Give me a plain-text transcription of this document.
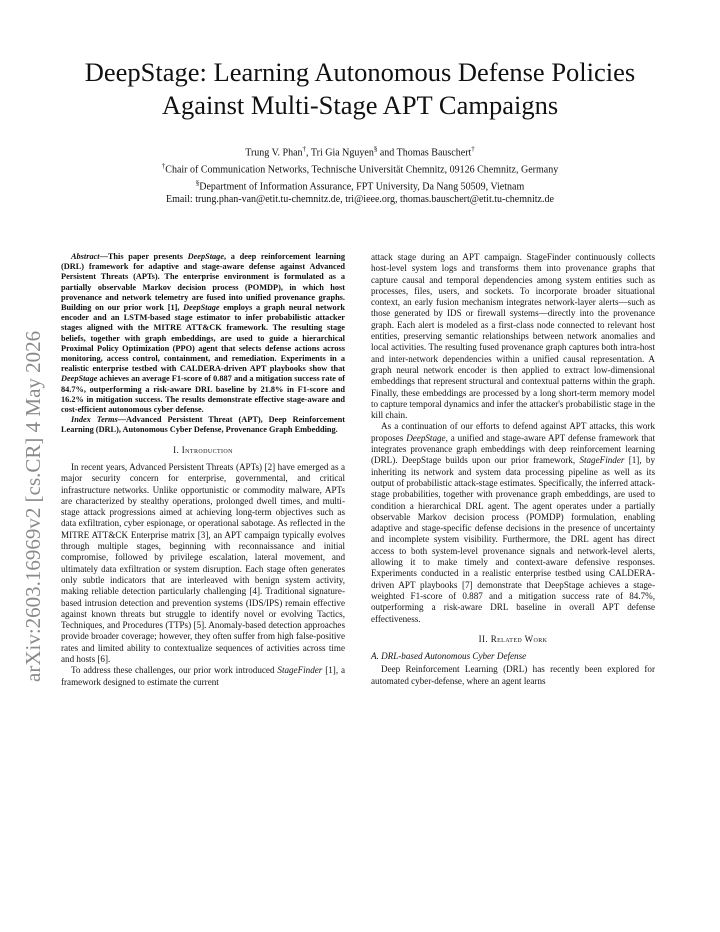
arXiv:2603.16969v2 [cs.CR] 4 May 2026
DeepStage: Learning Autonomous Defense Policies
Against Multi-Stage APT Campaigns
Trung V. Phan†, Tri Gia Nguyen§ and Thomas Bauschert†
†Chair of Communication Networks, Technische Universität Chemnitz, 09126 Chemnitz, Germany
§Department of Information Assurance, FPT University, Da Nang 50509, Vietnam
Email: trung.phan-van@etit.tu-chemnitz.de, tri@ieee.org, thomas.bauschert@etit.tu-chemnitz.de

Abstract—This paper presents DeepStage, a deep reinforcement learning (DRL) framework for adaptive and stage-aware defense against Advanced Persistent Threats (APTs). The enterprise environment is formulated as a partially observable Markov decision process (POMDP), in which host provenance and network telemetry are fused into unified provenance graphs. Building on our prior work [1], DeepStage employs a graph neural network encoder and an LSTM-based stage estimator to infer probabilistic attacker stages aligned with the MITRE ATT&CK framework. The resulting stage beliefs, together with graph embeddings, are used to guide a hierarchical Proximal Policy Optimization (PPO) agent that selects defense actions across monitoring, access control, containment, and remediation. Experiments in a realistic enterprise testbed with CALDERA-driven APT playbooks show that DeepStage achieves an average F1-score of 0.887 and a mitigation success rate of 84.7%, outperforming a risk-aware DRL baseline by 21.8% in F1-score and 16.2% in mitigation success. The results demonstrate effective stage-aware and cost-efficient autonomous cyber defense.

Index Terms—Advanced Persistent Threat (APT), Deep Reinforcement Learning (DRL), Autonomous Cyber Defense, Provenance Graph Embedding.

I. Introduction

In recent years, Advanced Persistent Threats (APTs) [2] have emerged as a major security concern for enterprise, governmental, and critical infrastructure networks. Unlike opportunistic or commodity malware, APTs are characterized by stealthy operations, prolonged dwell times, and multi-stage attack progressions aimed at achieving long-term objectives such as data exfiltration, cyber espionage, or operational sabotage. As reflected in the MITRE ATT&CK Enterprise matrix [3], an APT campaign typically evolves through multiple stages, beginning with reconnaissance and initial compromise, followed by privilege escalation, lateral movement, and ultimately data exfiltration or system disruption. Each stage often generates only subtle indicators that are interleaved with benign system activity, making reliable detection particularly challenging [4]. Traditional signature-based intrusion detection and prevention systems (IDS/IPS) remain effective against known threats but struggle to identify novel or evolving Tactics, Techniques, and Procedures (TTPs) [5]. Anomaly-based detection approaches provide broader coverage; however, they often suffer from high false-positive rates and limited ability to contextualize sequences of activities across time and hosts [6].

To address these challenges, our prior work introduced StageFinder [1], a framework designed to estimate the current

attack stage during an APT campaign. StageFinder continuously collects host-level system logs and transforms them into provenance graphs that capture causal and temporal dependencies among system entities such as processes, files, users, and sockets. To incorporate broader situational context, an early fusion mechanism integrates network-layer alerts—such as those generated by IDS or firewall systems—directly into the provenance graph. Each alert is modeled as a first-class node connected to relevant host entities, preserving semantic relationships between network anomalies and local activities. The resulting fused provenance graph captures both intra-host and inter-network dependencies within a unified causal representation. A graph neural network encoder is then applied to extract low-dimensional embeddings that represent structural and contextual patterns within the graph. Finally, these embeddings are processed by a long short-term memory model to capture temporal dynamics and infer the attacker's probabilistic stage in the kill chain.

As a continuation of our efforts to defend against APT attacks, this work proposes DeepStage, a unified and stage-aware APT defense framework that integrates provenance graph embeddings with deep reinforcement learning (DRL). DeepStage builds upon our prior framework, StageFinder [1], by inheriting its network and system data processing pipeline as well as its output of probabilistic attack-stage estimates. Specifically, the inferred attack-stage probabilities, together with provenance graph embeddings, are used to condition a hierarchical DRL agent. The agent operates under a partially observable Markov decision process (POMDP) formulation, enabling adaptive and stage-specific defense decisions in the presence of uncertainty and incomplete system visibility. Furthermore, the DRL agent has direct access to both system-level provenance signals and network-level alerts, allowing it to make timely and context-aware defensive responses. Experiments conducted in a realistic enterprise testbed using CALDERA-driven APT playbooks [7] demonstrate that DeepStage achieves a stage-weighted F1-score of 0.887 and a mitigation success rate of 84.7%, outperforming a risk-aware DRL baseline in overall APT defense effectiveness.

II. Related Work
A. DRL-based Autonomous Cyber Defense

Deep Reinforcement Learning (DRL) has recently been explored for automated cyber-defense, where an agent learns
